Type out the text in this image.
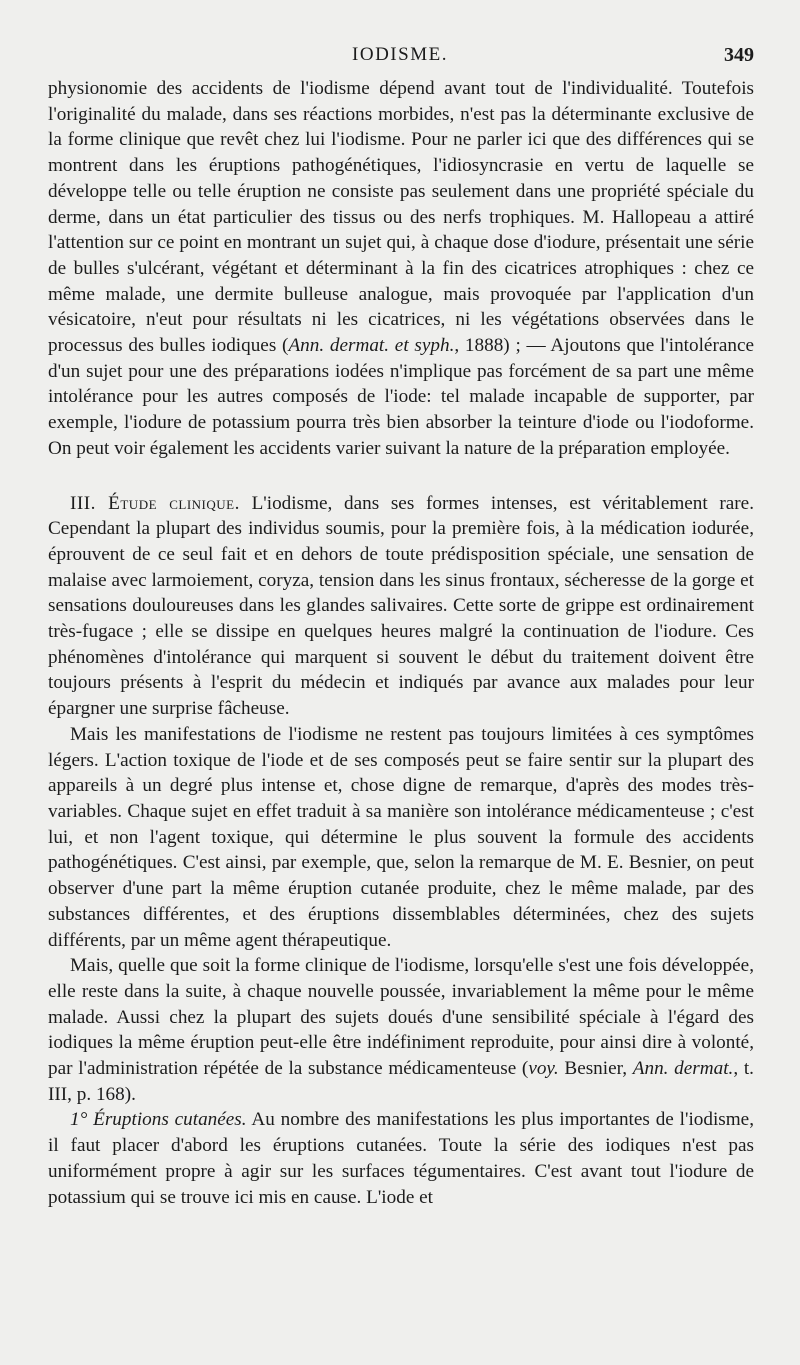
IODISME.	349

physionomie des accidents de l'iodisme dépend avant tout de l'individualité. Toutefois l'originalité du malade, dans ses réactions morbides, n'est pas la déterminante exclusive de la forme clinique que revêt chez lui l'iodisme. Pour ne parler ici que des différences qui se montrent dans les éruptions pathogénétiques, l'idiosyncrasie en vertu de laquelle se développe telle ou telle éruption ne consiste pas seulement dans une propriété spéciale du derme, dans un état particulier des tissus ou des nerfs trophiques. M. Hallopeau a attiré l'attention sur ce point en montrant un sujet qui, à chaque dose d'iodure, présentait une série de bulles s'ulcérant, végétant et déterminant à la fin des cicatrices atrophiques : chez ce même malade, une dermite bulleuse analogue, mais provoquée par l'application d'un vésicatoire, n'eut pour résultats ni les cicatrices, ni les végétations observées dans le processus des bulles iodiques (Ann. dermat. et syph., 1888) ; — Ajoutons que l'intolérance d'un sujet pour une des préparations iodées n'implique pas forcément de sa part une même intolérance pour les autres composés de l'iode: tel malade incapable de supporter, par exemple, l'iodure de potassium pourra très bien absorber la teinture d'iode ou l'iodoforme. On peut voir également les accidents varier suivant la nature de la préparation employée.

III. Étude clinique. L'iodisme, dans ses formes intenses, est véritablement rare. Cependant la plupart des individus soumis, pour la première fois, à la médication iodurée, éprouvent de ce seul fait et en dehors de toute prédisposition spéciale, une sensation de malaise avec larmoiement, coryza, tension dans les sinus frontaux, sécheresse de la gorge et sensations douloureuses dans les glandes salivaires. Cette sorte de grippe est ordinairement très-fugace ; elle se dissipe en quelques heures malgré la continuation de l'iodure. Ces phénomènes d'intolérance qui marquent si souvent le début du traitement doivent être toujours présents à l'esprit du médecin et indiqués par avance aux malades pour leur épargner une surprise fâcheuse.

Mais les manifestations de l'iodisme ne restent pas toujours limitées à ces symptômes légers. L'action toxique de l'iode et de ses composés peut se faire sentir sur la plupart des appareils à un degré plus intense et, chose digne de remarque, d'après des modes très-variables. Chaque sujet en effet traduit à sa manière son intolérance médicamenteuse ; c'est lui, et non l'agent toxique, qui détermine le plus souvent la formule des accidents pathogénétiques. C'est ainsi, par exemple, que, selon la remarque de M. E. Besnier, on peut observer d'une part la même éruption cutanée produite, chez le même malade, par des substances différentes, et des éruptions dissemblables déterminées, chez des sujets différents, par un même agent thérapeutique.

Mais, quelle que soit la forme clinique de l'iodisme, lorsqu'elle s'est une fois développée, elle reste dans la suite, à chaque nouvelle poussée, invariablement la même pour le même malade. Aussi chez la plupart des sujets doués d'une sensibilité spéciale à l'égard des iodiques la même éruption peut-elle être indéfiniment reproduite, pour ainsi dire à volonté, par l'administration répétée de la substance médicamenteuse (voy. Besnier, Ann. dermat., t. III, p. 168).

1° Éruptions cutanées. Au nombre des manifestations les plus importantes de l'iodisme, il faut placer d'abord les éruptions cutanées. Toute la série des iodiques n'est pas uniformément propre à agir sur les surfaces tégumentaires. C'est avant tout l'iodure de potassium qui se trouve ici mis en cause. L'iode et
